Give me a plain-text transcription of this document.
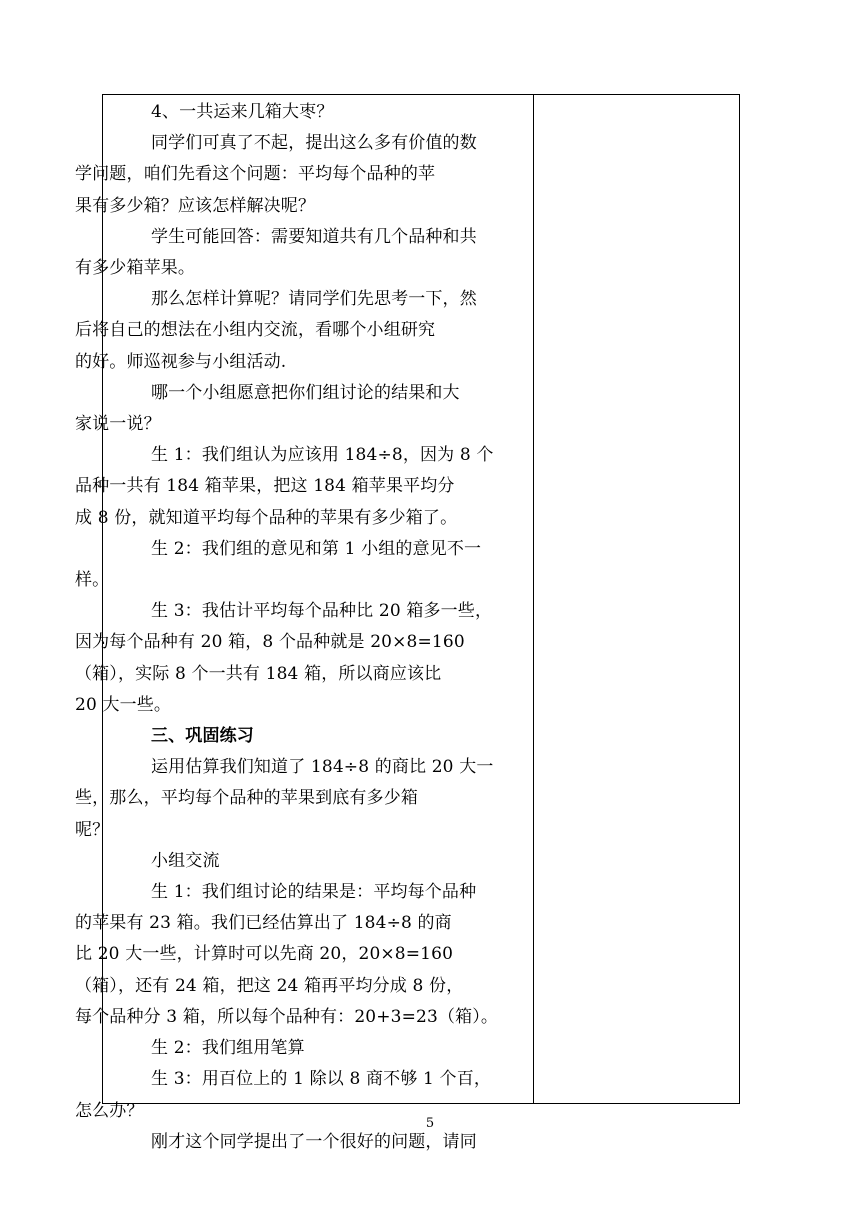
4、一共运来几箱大枣？

同学们可真了不起，提出这么多有价值的数
学问题，咱们先看这个问题：平均每个品种的苹
果有多少箱？应该怎样解决呢？

学生可能回答：需要知道共有几个品种和共
有多少箱苹果。

那么怎样计算呢？请同学们先思考一下，然
后将自己的想法在小组内交流，看哪个小组研究
的好。师巡视参与小组活动.

哪一个小组愿意把你们组讨论的结果和大
家说一说？

生 1：我们组认为应该用 184÷8，因为 8 个
品种一共有 184 箱苹果，把这 184 箱苹果平均分
成 8 份，就知道平均每个品种的苹果有多少箱了。

生 2：我们组的意见和第 1 小组的意见不一
样。

生 3：我估计平均每个品种比 20 箱多一些，
因为每个品种有 20 箱，8 个品种就是 20×8=160
（箱），实际 8 个一共有 184 箱，所以商应该比
20 大一些。

三、巩固练习

运用估算我们知道了 184÷8 的商比 20 大一
些，那么，平均每个品种的苹果到底有多少箱
呢？

小组交流

生 1：我们组讨论的结果是：平均每个品种
的苹果有 23 箱。我们已经估算出了 184÷8 的商
比 20 大一些，计算时可以先商 20，20×8=160
（箱），还有 24 箱，把这 24 箱再平均分成 8 份，
每个品种分 3 箱，所以每个品种有：20+3=23（箱）。

生 2：我们组用笔算

生 3：用百位上的 1 除以 8 商不够 1 个百，
怎么办？

刚才这个同学提出了一个很好的问题，请同

5
